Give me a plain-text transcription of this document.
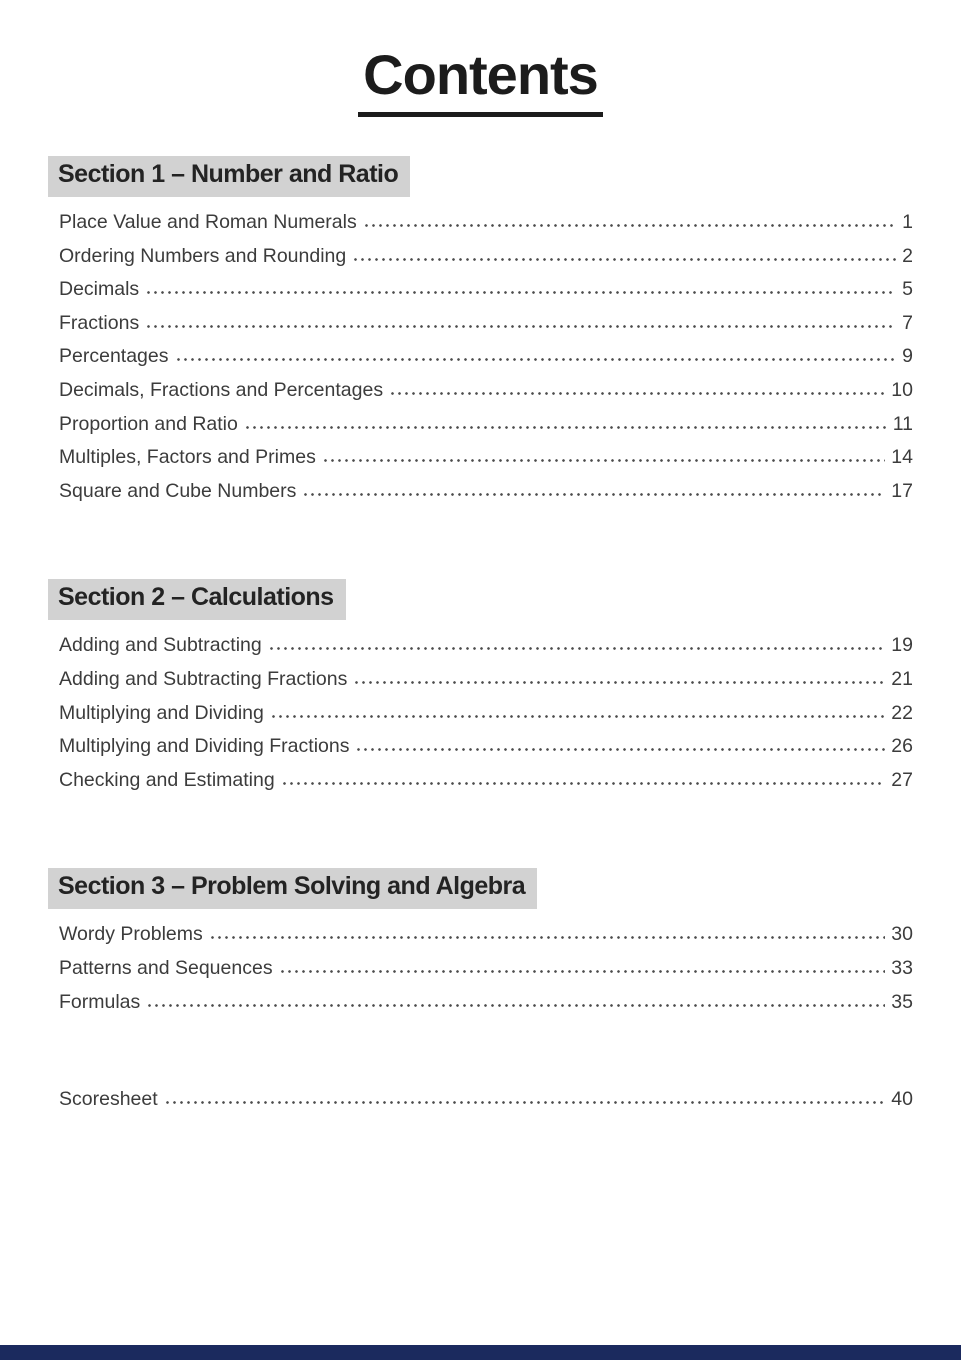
Contents
Section 1 – Number and Ratio
Place Value and Roman Numerals	1
Ordering Numbers and Rounding	2
Decimals	5
Fractions	7
Percentages	9
Decimals, Fractions and Percentages	10
Proportion and Ratio	11
Multiples, Factors and Primes	14
Square and Cube Numbers	17
Section 2 – Calculations
Adding and Subtracting	19
Adding and Subtracting Fractions	21
Multiplying and Dividing	22
Multiplying and Dividing Fractions	26
Checking and Estimating	27
Section 3 – Problem Solving and Algebra
Wordy Problems	30
Patterns and Sequences	33
Formulas	35
Scoresheet	40
